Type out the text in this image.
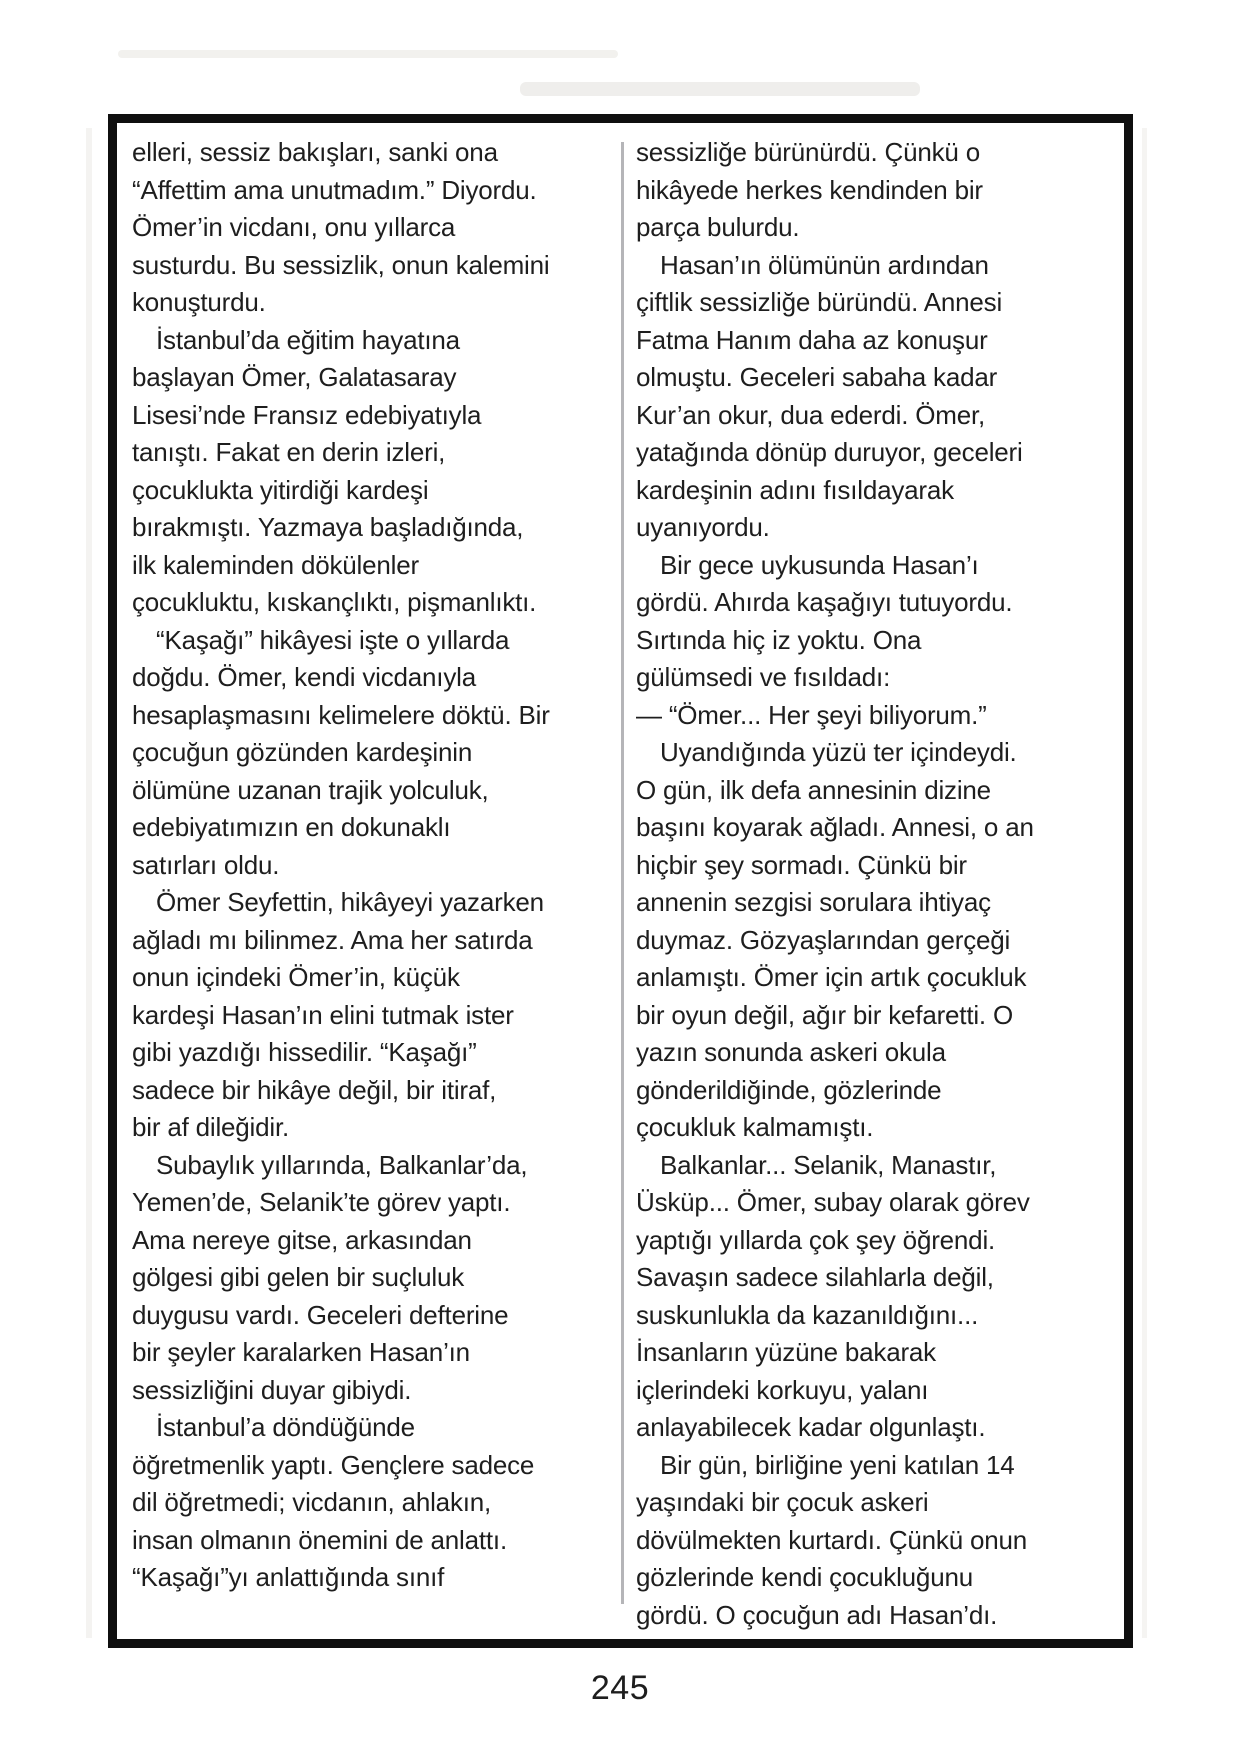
elleri, sessiz bakışları, sanki ona
“Affettim ama unutmadım.” Diyordu.
Ömer’in vicdanı, onu yıllarca
susturdu. Bu sessizlik, onun kalemini
konuşturdu.
İstanbul’da eğitim hayatına
başlayan Ömer, Galatasaray
Lisesi’nde Fransız edebiyatıyla
tanıştı. Fakat en derin izleri,
çocuklukta yitirdiği kardeşi
bırakmıştı. Yazmaya başladığında,
ilk kaleminden dökülenler
çocukluktu, kıskançlıktı, pişmanlıktı.
“Kaşağı” hikâyesi işte o yıllarda
doğdu. Ömer, kendi vicdanıyla
hesaplaşmasını kelimelere döktü. Bir
çocuğun gözünden kardeşinin
ölümüne uzanan trajik yolculuk,
edebiyatımızın en dokunaklı
satırları oldu.
Ömer Seyfettin, hikâyeyi yazarken
ağladı mı bilinmez. Ama her satırda
onun içindeki Ömer’in, küçük
kardeşi Hasan’ın elini tutmak ister
gibi yazdığı hissedilir. “Kaşağı”
sadece bir hikâye değil, bir itiraf,
bir af dileğidir.
Subaylık yıllarında, Balkanlar’da,
Yemen’de, Selanik’te görev yaptı.
Ama nereye gitse, arkasından
gölgesi gibi gelen bir suçluluk
duygusu vardı. Geceleri defterine
bir şeyler karalarken Hasan’ın
sessizliğini duyar gibiydi.
İstanbul’a döndüğünde
öğretmenlik yaptı. Gençlere sadece
dil öğretmedi; vicdanın, ahlakın,
insan olmanın önemini de anlattı.
“Kaşağı”yı anlattığında sınıf
sessizliğe bürünürdü. Çünkü o
hikâyede herkes kendinden bir
parça bulurdu.
Hasan’ın ölümünün ardından
çiftlik sessizliğe büründü. Annesi
Fatma Hanım daha az konuşur
olmuştu. Geceleri sabaha kadar
Kur’an okur, dua ederdi. Ömer,
yatağında dönüp duruyor, geceleri
kardeşinin adını fısıldayarak
uyanıyordu.
Bir gece uykusunda Hasan’ı
gördü. Ahırda kaşağıyı tutuyordu.
Sırtında hiç iz yoktu. Ona
gülümsedi ve fısıldadı:
— “Ömer... Her şeyi biliyorum.”
Uyandığında yüzü ter içindeydi.
O gün, ilk defa annesinin dizine
başını koyarak ağladı. Annesi, o an
hiçbir şey sormadı. Çünkü bir
annenin sezgisi sorulara ihtiyaç
duymaz. Gözyaşlarından gerçeği
anlamıştı. Ömer için artık çocukluk
bir oyun değil, ağır bir kefaretti. O
yazın sonunda askeri okula
gönderildiğinde, gözlerinde
çocukluk kalmamıştı.
Balkanlar... Selanik, Manastır,
Üsküp... Ömer, subay olarak görev
yaptığı yıllarda çok şey öğrendi.
Savaşın sadece silahlarla değil,
suskunlukla da kazanıldığını...
İnsanların yüzüne bakarak
içlerindeki korkuyu, yalanı
anlayabilecek kadar olgunlaştı.
Bir gün, birliğine yeni katılan 14
yaşındaki bir çocuk askeri
dövülmekten kurtardı. Çünkü onun
gözlerinde kendi çocukluğunu
gördü. O çocuğun adı Hasan’dı.
245
